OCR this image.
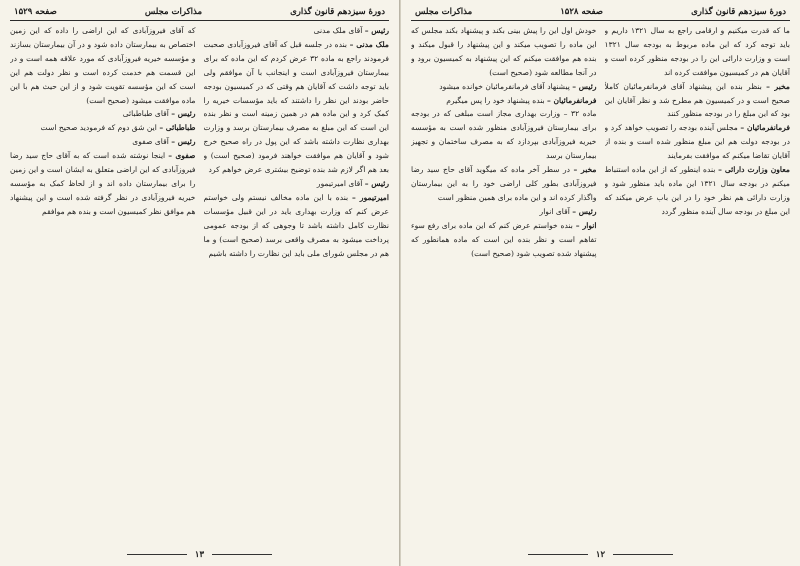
دورهٔ سیزدهم قانون گذاری
مذاکرات مجلس
صفحه ۱۵۲۹

رئیس – آقای ملک مدنی

ملک مدنی – بنده در جلسه قبل که آقای فیروزآبادی صحبت فرمودند راجع به ماده ۳۲ عرض کردم که این ماده که برای بیمارستان فیروزآبادی است و اینجانب با آن موافقم ولی باید توجه داشت که آقایان هم وقتی که در کمیسیون بودجه حاضر بودند این نظر را داشتند که باید مؤسسات خیریه را کمک کرد و این ماده هم در همین زمینه است و نظر بنده این است که این مبلغ به مصرف بیمارستان برسد و وزارت بهداری نظارت داشته باشد که این پول در راه صحیح خرج شود و آقایان هم موافقت خواهند فرمود (صحیح است) و بعد هم اگر لازم شد بنده توضیح بیشتری عرض خواهم کرد

رئیس – آقای امیرتیمور

امیرتیمور – بنده با این ماده مخالف نیستم ولی خواستم عرض کنم که وزارت بهداری باید در این قبیل مؤسسات نظارت کامل داشته باشد تا وجوهی که از بودجه عمومی پرداخت میشود به مصرف واقعی برسد (صحیح است) و ما هم در مجلس شورای ملی باید این نظارت را داشته باشیم

که آقای فیروزآبادی که این اراضی را داده که این زمین اختصاص به بیمارستان داده شود و در آن بیمارستان بسازند و مؤسسه خیریه فیروزآبادی که مورد علاقه همه است و در این قسمت هم خدمت کرده است و نظر دولت هم این است که این مؤسسه تقویت شود و از این حیث هم با این ماده موافقت میشود (صحیح است)

رئیس – آقای طباطبائی

طباطبائی – این شق دوم که فرمودید صحیح است

رئیس – آقای صفوی

صفوی – اینجا نوشته شده است که به آقای حاج سید رضا فیروزآبادی که این اراضی متعلق به ایشان است و این زمین را برای بیمارستان داده اند و از لحاظ کمک به مؤسسه خیریه فیروزآبادی در نظر گرفته شده است و این پیشنهاد هم موافق نظر کمیسیون است و بنده هم موافقم

۱۳
دورهٔ سیزدهم قانون گذاری
صفحه ۱۵۲۸
مذاکرات مجلس

ما که قدرت میکنیم و ارقامی راجع به سال ۱۳۲۱ داریم و باید توجه کرد که این ماده مربوط به بودجه سال ۱۳۲۱ است و وزارت دارائی این را در بودجه منظور کرده است و آقایان هم در کمیسیون موافقت کرده اند

مخبر – بنظر بنده این پیشنهاد آقای فرمانفرمائیان کاملاً صحیح است و در کمیسیون هم مطرح شد و نظر آقایان این بود که این مبلغ را در بودجه منظور کنند

فرمانفرمائیان – مجلس آینده بودجه را تصویب خواهد کرد و در بودجه دولت هم این مبلغ منظور شده است و بنده از آقایان تقاضا میکنم که موافقت بفرمایند

معاون وزارت دارائی – بنده اینطور که از این ماده استنباط میکنم در بودجه سال ۱۳۲۱ این ماده باید منظور شود و وزارت دارائی هم نظر خود را در این باب عرض میکند که این مبلغ در بودجه سال آینده منظور گردد

خودش اول این را پیش بینی بکند و پیشنهاد بکند مجلس که این ماده را تصویب میکند و این پیشنهاد را قبول میکند و بنده هم موافقت میکنم که این پیشنهاد به کمیسیون برود و در آنجا مطالعه شود (صحیح است)

رئیس – پیشنهاد آقای فرمانفرمائیان خوانده میشود

فرمانفرمائیان – بنده پیشنهاد خود را پس میگیرم

ماده ۳۲ – وزارت بهداری مجاز است مبلغی که در بودجه برای بیمارستان فیروزآبادی منظور شده است به مؤسسه خیریه فیروزآبادی بپردازد که به مصرف ساختمان و تجهیز بیمارستان برسد

مخبر – در سطر آخر ماده که میگوید آقای حاج سید رضا فیروزآبادی بطور کلی اراضی خود را به این بیمارستان واگذار کرده اند و این ماده برای همین منظور است

رئیس – آقای انوار

انوار – بنده خواستم عرض کنم که این ماده برای رفع سوء تفاهم است و نظر بنده این است که ماده همانطور که پیشنهاد شده تصویب شود (صحیح است)

۱۲
